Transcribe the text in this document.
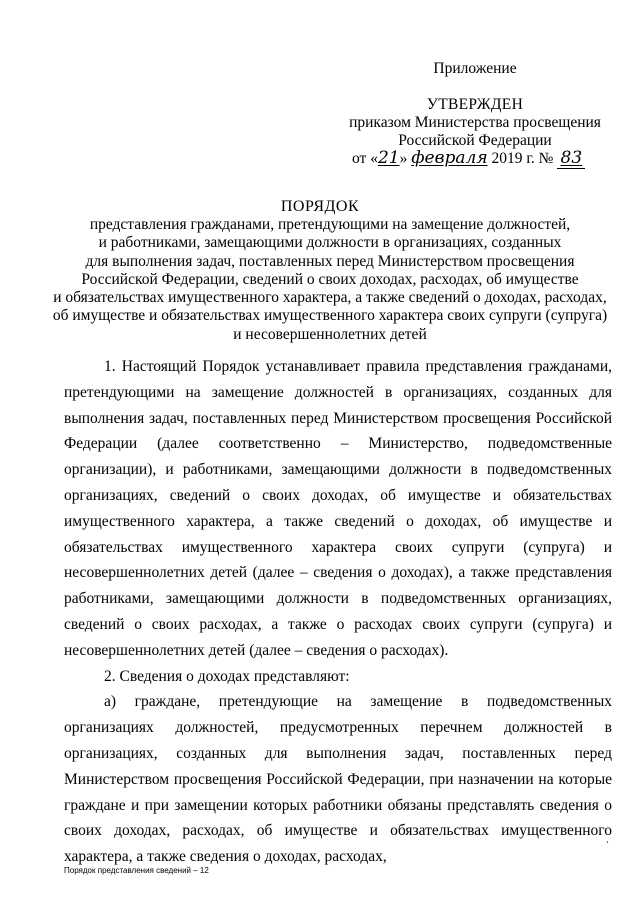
Приложение
УТВЕРЖДЕН
приказом Министерства просвещения
Российской Федерации
от «21» февраля 2019 г. № 83
ПОРЯДОК
представления гражданами, претендующими на замещение должностей,
и работниками, замещающими должности в организациях, созданных
для выполнения задач, поставленных перед Министерством просвещения
Российской Федерации, сведений о своих доходах, расходах, об имуществе
и обязательствах имущественного характера, а также сведений о доходах, расходах,
об имуществе и обязательствах имущественного характера своих супруги (супруга)
и несовершеннолетних детей

1. Настоящий Порядок устанавливает правила представления гражданами, претендующими на замещение должностей в организациях, созданных для выполнения задач, поставленных перед Министерством просвещения Российской Федерации (далее соответственно – Министерство, подведомственные организации), и работниками, замещающими должности в подведомственных организациях, сведений о своих доходах, об имуществе и обязательствах имущественного характера, а также сведений о доходах, об имуществе и обязательствах имущественного характера своих супруги (супруга) и несовершеннолетних детей (далее – сведения о доходах), а также представления работниками, замещающими должности в подведомственных организациях, сведений о своих расходах, а также о расходах своих супруги (супруга) и несовершеннолетних детей (далее – сведения о расходах).

2. Сведения о доходах представляют:

а) граждане, претендующие на замещение в подведомственных организациях должностей, предусмотренных перечнем должностей в организациях, созданных для выполнения задач, поставленных перед Министерством просвещения Российской Федерации, при назначении на которые граждане и при замещении которых работники обязаны представлять сведения о своих доходах, расходах, об имуществе и обязательствах имущественного характера, а также сведения о доходах, расходах,

ˋ
Порядок представления сведений – 12
